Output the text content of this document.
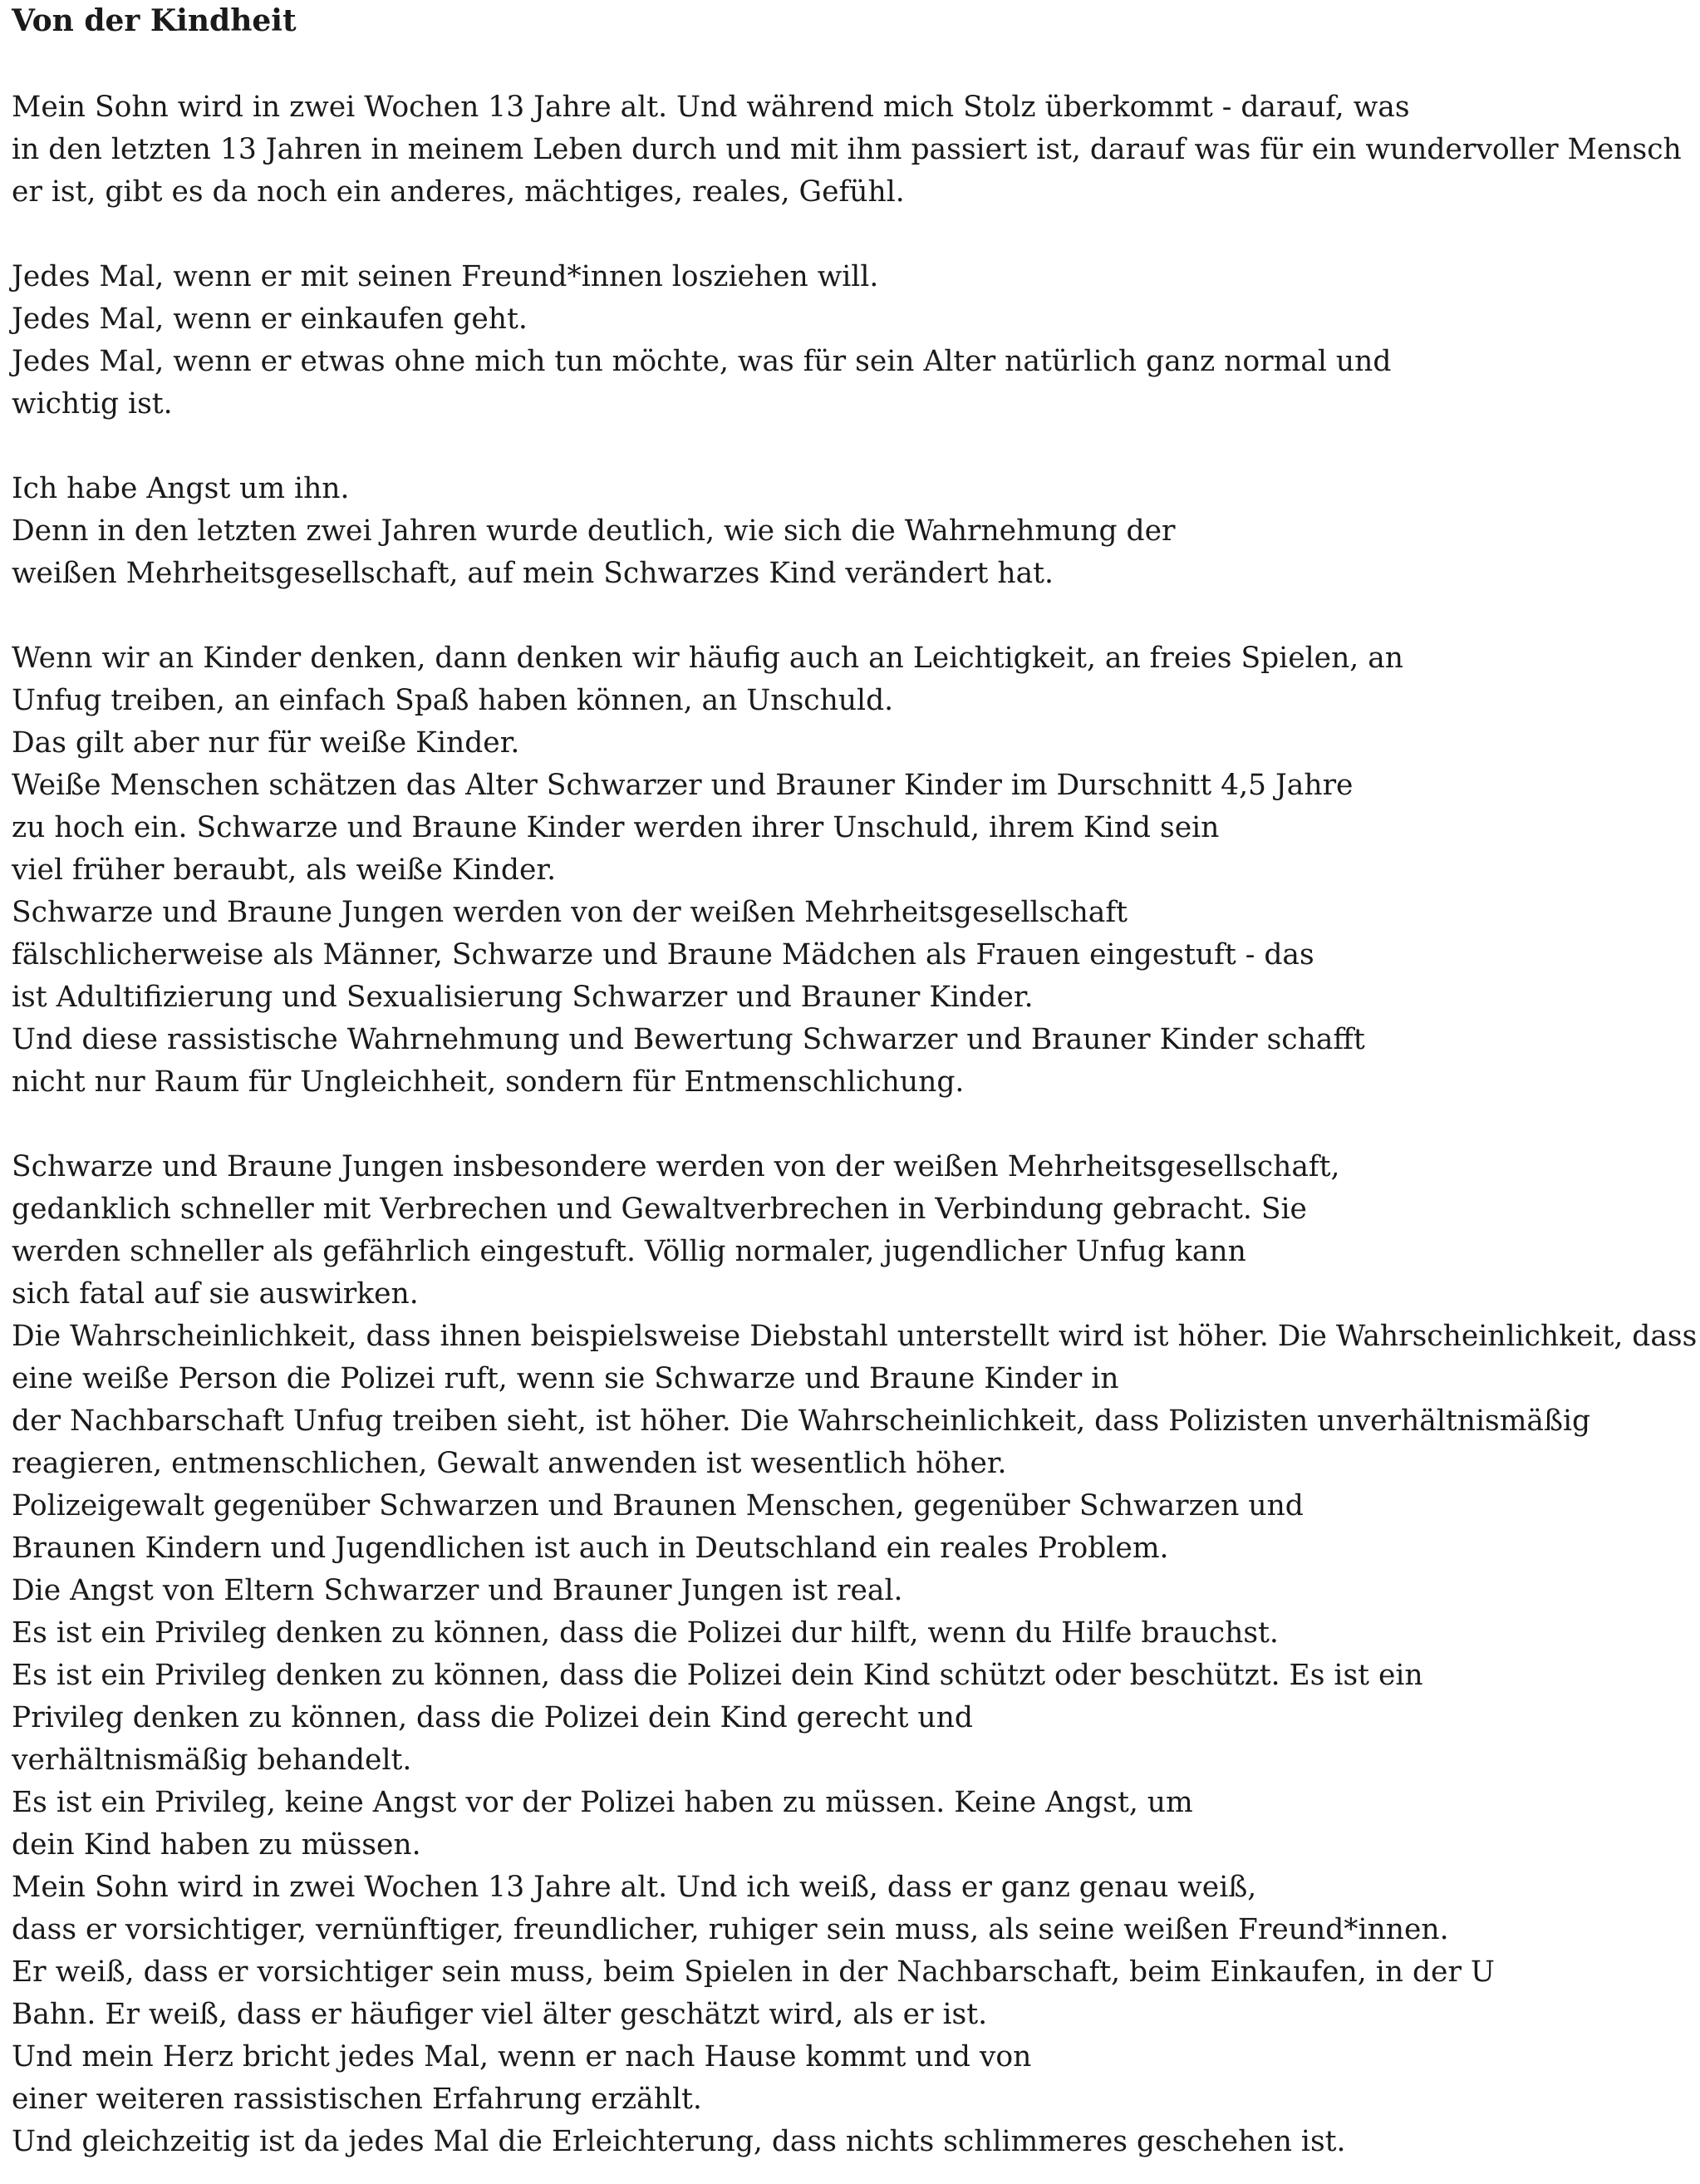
Von der Kindheit
Mein Sohn wird in zwei Wochen 13 Jahre alt. Und während mich Stolz überkommt - darauf, was
in den letzten 13 Jahren in meinem Leben durch und mit ihm passiert ist, darauf was für ein wundervoller Mensch
er ist, gibt es da noch ein anderes, mächtiges, reales, Gefühl.
Jedes Mal, wenn er mit seinen Freund*innen losziehen will.
Jedes Mal, wenn er einkaufen geht.
Jedes Mal, wenn er etwas ohne mich tun möchte, was für sein Alter natürlich ganz normal und
wichtig ist.
Ich habe Angst um ihn.
Denn in den letzten zwei Jahren wurde deutlich, wie sich die Wahrnehmung der
weißen Mehrheitsgesellschaft, auf mein Schwarzes Kind verändert hat.
Wenn wir an Kinder denken, dann denken wir häufig auch an Leichtigkeit, an freies Spielen, an
Unfug treiben, an einfach Spaß haben können, an Unschuld.
Das gilt aber nur für weiße Kinder.
Weiße Menschen schätzen das Alter Schwarzer und Brauner Kinder im Durschnitt 4,5 Jahre
zu hoch ein. Schwarze und Braune Kinder werden ihrer Unschuld, ihrem Kind sein
viel früher beraubt, als weiße Kinder.
Schwarze und Braune Jungen werden von der weißen Mehrheitsgesellschaft
fälschlicherweise als Männer, Schwarze und Braune Mädchen als Frauen eingestuft - das
ist Adultifizierung und Sexualisierung Schwarzer und Brauner Kinder.
Und diese rassistische Wahrnehmung und Bewertung Schwarzer und Brauner Kinder schafft
nicht nur Raum für Ungleichheit, sondern für Entmenschlichung.
Schwarze und Braune Jungen insbesondere werden von der weißen Mehrheitsgesellschaft,
gedanklich schneller mit Verbrechen und Gewaltverbrechen in Verbindung gebracht. Sie
werden schneller als gefährlich eingestuft. Völlig normaler, jugendlicher Unfug kann
sich fatal auf sie auswirken.
Die Wahrscheinlichkeit, dass ihnen beispielsweise Diebstahl unterstellt wird ist höher. Die Wahrscheinlichkeit, dass
eine weiße Person die Polizei ruft, wenn sie Schwarze und Braune Kinder in
der Nachbarschaft Unfug treiben sieht, ist höher. Die Wahrscheinlichkeit, dass Polizisten unverhältnismäßig
reagieren, entmenschlichen, Gewalt anwenden ist wesentlich höher.
Polizeigewalt gegenüber Schwarzen und Braunen Menschen, gegenüber Schwarzen und
Braunen Kindern und Jugendlichen ist auch in Deutschland ein reales Problem.
Die Angst von Eltern Schwarzer und Brauner Jungen ist real.
Es ist ein Privileg denken zu können, dass die Polizei dur hilft, wenn du Hilfe brauchst.
Es ist ein Privileg denken zu können, dass die Polizei dein Kind schützt oder beschützt. Es ist ein
Privileg denken zu können, dass die Polizei dein Kind gerecht und
verhältnismäßig behandelt.
Es ist ein Privileg, keine Angst vor der Polizei haben zu müssen. Keine Angst, um
dein Kind haben zu müssen.
Mein Sohn wird in zwei Wochen 13 Jahre alt. Und ich weiß, dass er ganz genau weiß,
dass er vorsichtiger, vernünftiger, freundlicher, ruhiger sein muss, als seine weißen Freund*innen.
Er weiß, dass er vorsichtiger sein muss, beim Spielen in der Nachbarschaft, beim Einkaufen, in der U
Bahn. Er weiß, dass er häufiger viel älter geschätzt wird, als er ist.
Und mein Herz bricht jedes Mal, wenn er nach Hause kommt und von
einer weiteren rassistischen Erfahrung erzählt.
Und gleichzeitig ist da jedes Mal die Erleichterung, dass nichts schlimmeres geschehen ist.
